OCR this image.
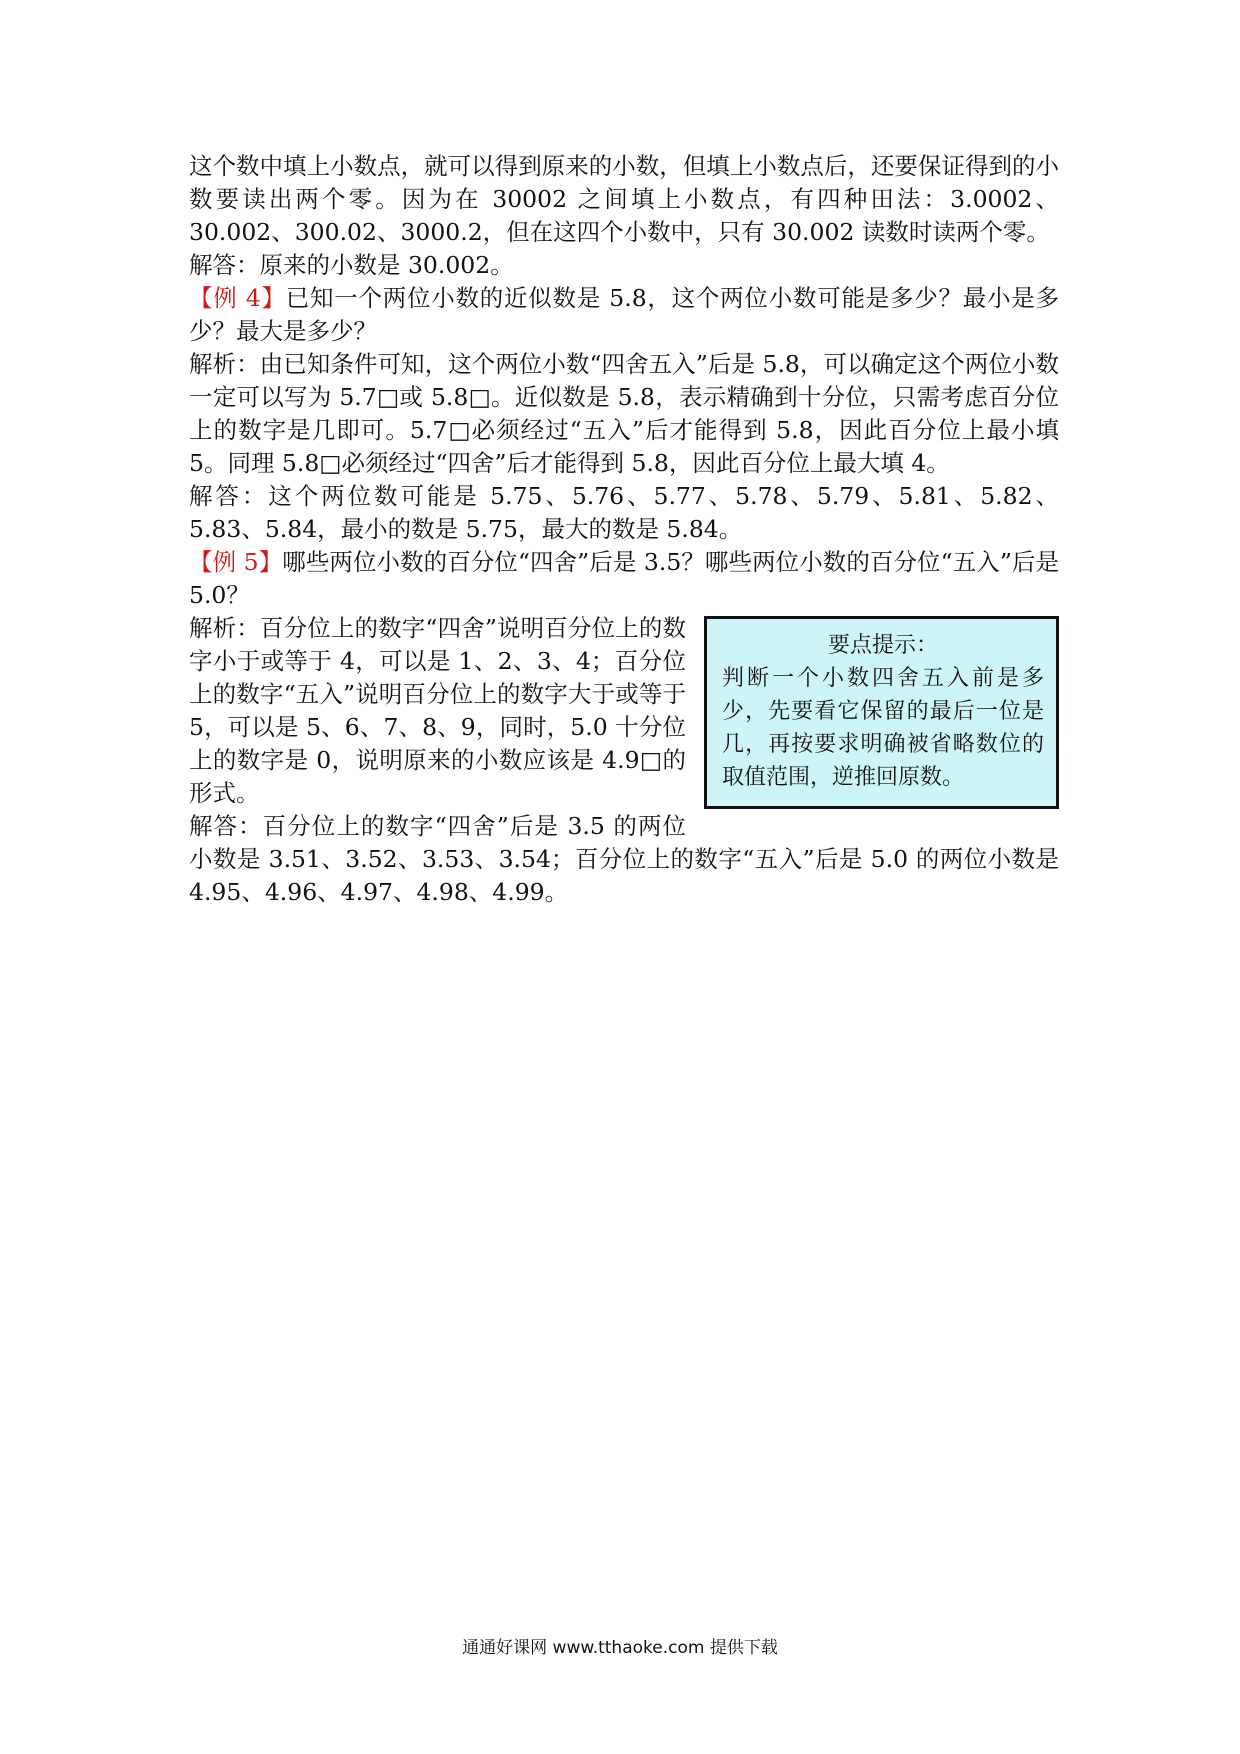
这个数中填上小数点，就可以得到原来的小数，但填上小数点后，还要保证得到的小数要读出两个零。因为在 30002 之间填上小数点，有四种田法：3.0002、30.002、300.02、3000.2，但在这四个小数中，只有 30.002 读数时读两个零。

解答：原来的小数是 30.002。

【例 4】已知一个两位小数的近似数是 5.8，这个两位小数可能是多少？最小是多少？最大是多少？

解析：由已知条件可知，这个两位小数“四舍五入”后是 5.8，可以确定这个两位小数一定可以写为 5.7□或 5.8□。近似数是 5.8，表示精确到十分位，只需考虑百分位上的数字是几即可。5.7□必须经过“五入”后才能得到 5.8，因此百分位上最小填 5。同理 5.8□必须经过“四舍”后才能得到 5.8，因此百分位上最大填 4。

解答：这个两位数可能是 5.75、5.76、5.77、5.78、5.79、5.81、5.82、5.83、5.84，最小的数是 5.75，最大的数是 5.84。

【例 5】哪些两位小数的百分位“四舍”后是 3.5？哪些两位小数的百分位“五入”后是 5.0？

要点提示：
判断一个小数四舍五入前是多少，先要看它保留的最后一位是几，再按要求明确被省略数位的取值范围，逆推回原数。

解析：百分位上的数字“四舍”说明百分位上的数字小于或等于 4，可以是 1、2、3、4；百分位上的数字“五入”说明百分位上的数字大于或等于 5，可以是 5、6、7、8、9，同时，5.0 十分位上的数字是 0，说明原来的小数应该是 4.9□的形式。

解答：百分位上的数字“四舍”后是 3.5 的两位小数是 3.51、3.52、3.53、3.54；百分位上的数字“五入”后是 5.0 的两位小数是 4.95、4.96、4.97、4.98、4.99。

通通好课网 www.tthaoke.com 提供下载
